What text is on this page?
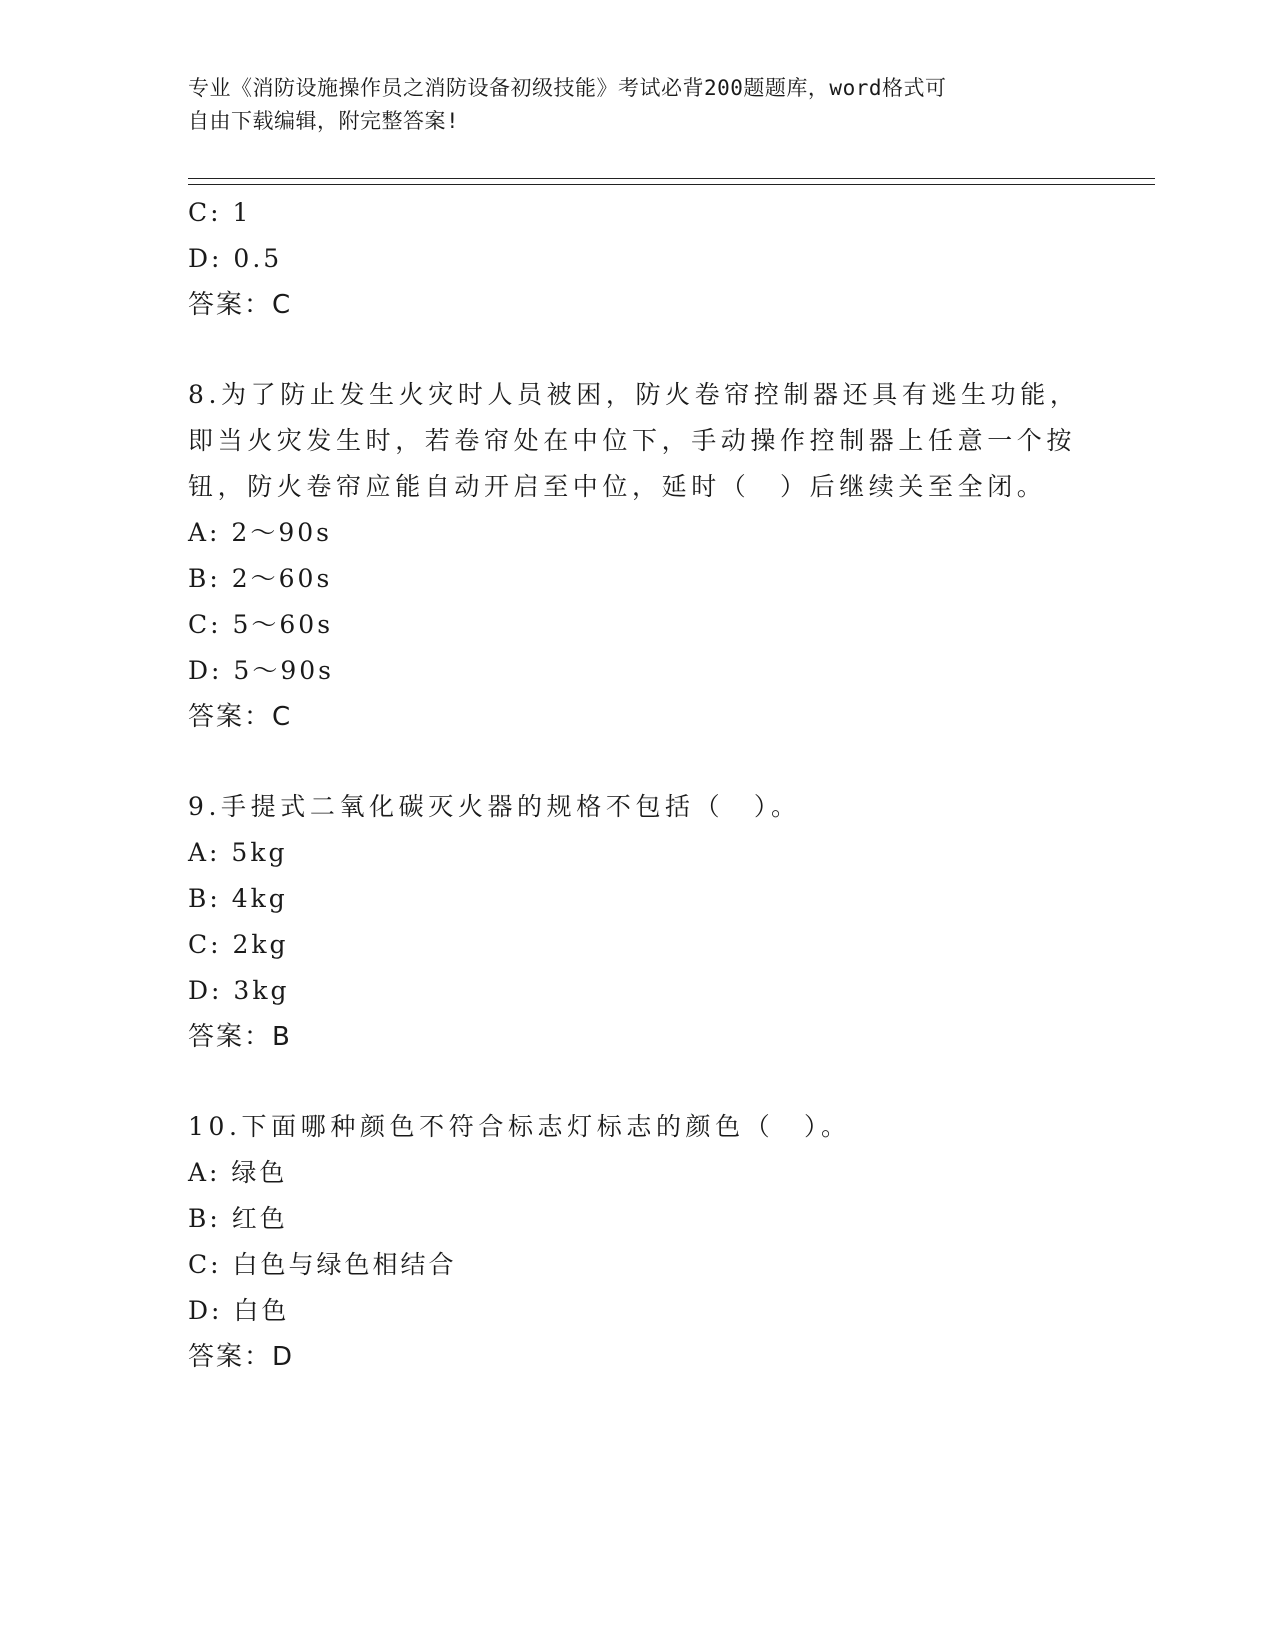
专业《消防设施操作员之消防设备初级技能》考试必背200题题库，word格式可
自由下载编辑，附完整答案!
C: 1
D: 0.5
答案：C
8.为了防止发生火灾时人员被困，防火卷帘控制器还具有逃生功能，
即当火灾发生时，若卷帘处在中位下，手动操作控制器上任意一个按
钮，防火卷帘应能自动开启至中位，延时（　）后继续关至全闭。
A: 2～90s
B: 2～60s
C: 5～60s
D: 5～90s
答案：C
9.手提式二氧化碳灭火器的规格不包括（　）。
A: 5kg
B: 4kg
C: 2kg
D: 3kg
答案：B
10.下面哪种颜色不符合标志灯标志的颜色（　）。
A: 绿色
B: 红色
C: 白色与绿色相结合
D: 白色
答案：D
